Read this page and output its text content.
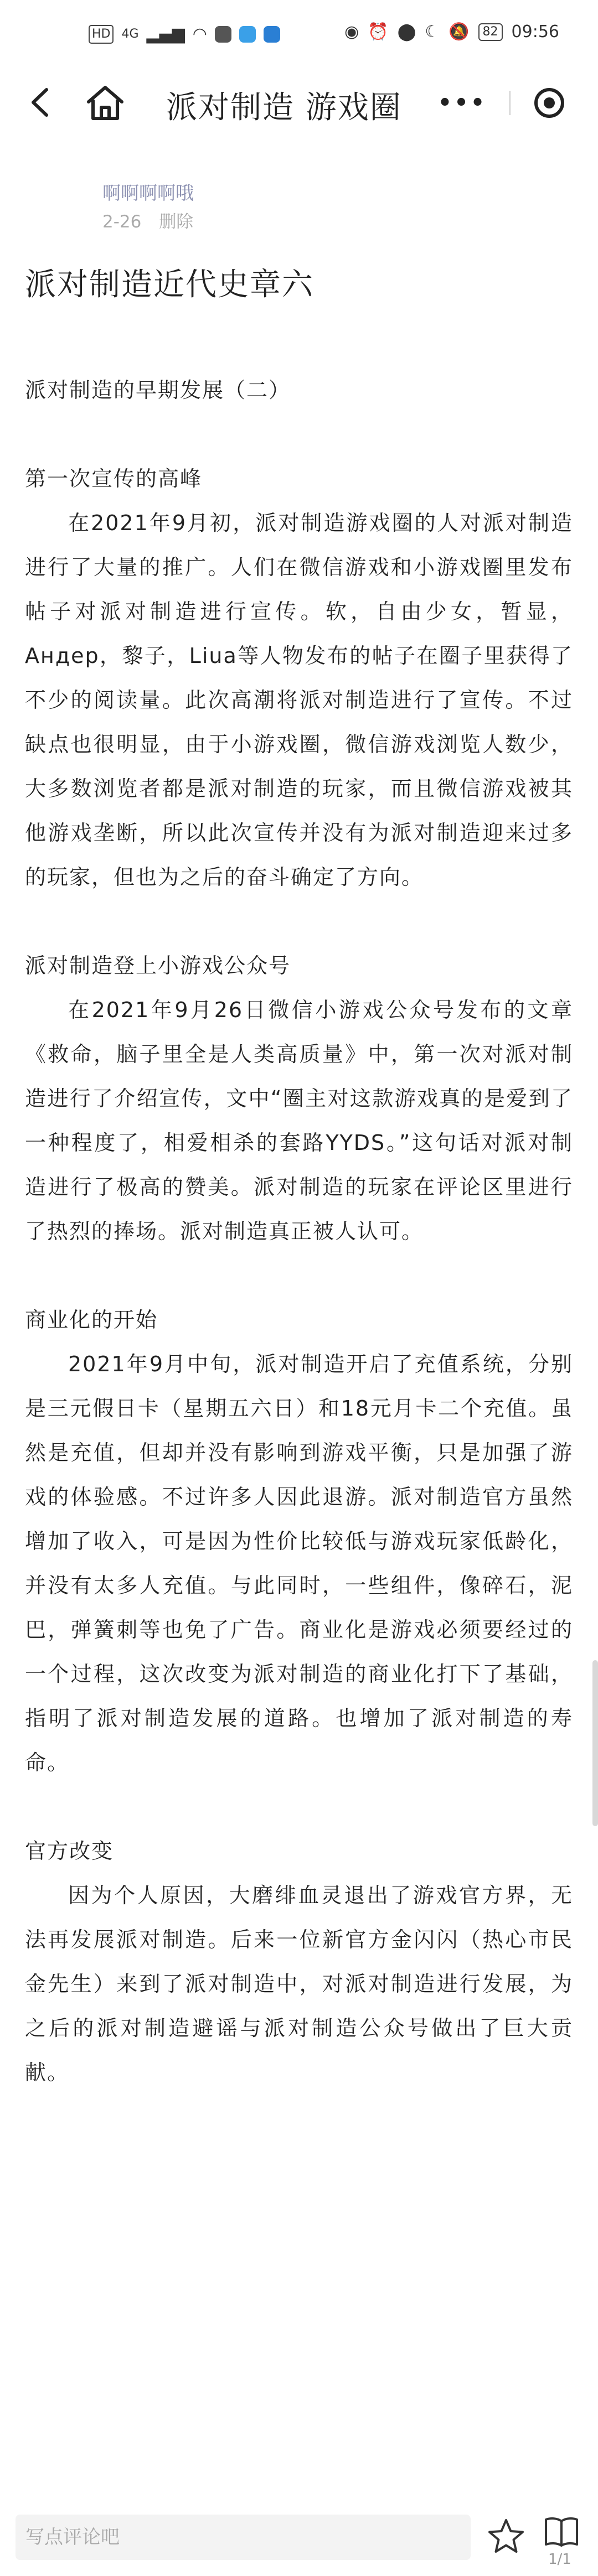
HD 4G ▂▄▆ ◠	◉ ⏰ ⬤ ☾ 🔕	82 09:56
派对制造 游戏圈	•••
啊啊啊啊哦
2-26 删除
派对制造近代史章六

派对制造的早期发展（二）

第一次宣传的高峰

在2021年9月初，派对制造游戏圈的人对派对制造进行了大量的推广。人们在微信游戏和小游戏圈里发布帖子对派对制造进行宣传。软，自由少女，暂显，Андер，黎子，Liua等人物发布的帖子在圈子里获得了不少的阅读量。此次高潮将派对制造进行了宣传。不过缺点也很明显，由于小游戏圈，微信游戏浏览人数少，大多数浏览者都是派对制造的玩家，而且微信游戏被其他游戏垄断，所以此次宣传并没有为派对制造迎来过多的玩家，但也为之后的奋斗确定了方向。

派对制造登上小游戏公众号

在2021年9月26日微信小游戏公众号发布的文章《救命，脑子里全是人类高质量》中，第一次对派对制造进行了介绍宣传，文中“圈主对这款游戏真的是爱到了一种程度了，相爱相杀的套路YYDS。”这句话对派对制造进行了极高的赞美。派对制造的玩家在评论区里进行了热烈的捧场。派对制造真正被人认可。

商业化的开始

2021年9月中旬，派对制造开启了充值系统，分别是三元假日卡（星期五六日）和18元月卡二个充值。虽然是充值，但却并没有影响到游戏平衡，只是加强了游戏的体验感。不过许多人因此退游。派对制造官方虽然增加了收入，可是因为性价比较低与游戏玩家低龄化，并没有太多人充值。与此同时，一些组件，像碎石，泥巴，弹簧刺等也免了广告。商业化是游戏必须要经过的一个过程，这次改变为派对制造的商业化打下了基础，指明了派对制造发展的道路。也增加了派对制造的寿命。

官方改变

因为个人原因，大磨绯血灵退出了游戏官方界，无法再发展派对制造。后来一位新官方金闪闪（热心市民金先生）来到了派对制造中，对派对制造进行发展，为之后的派对制造避谣与派对制造公众号做出了巨大贡献。

写点评论吧
1/1
